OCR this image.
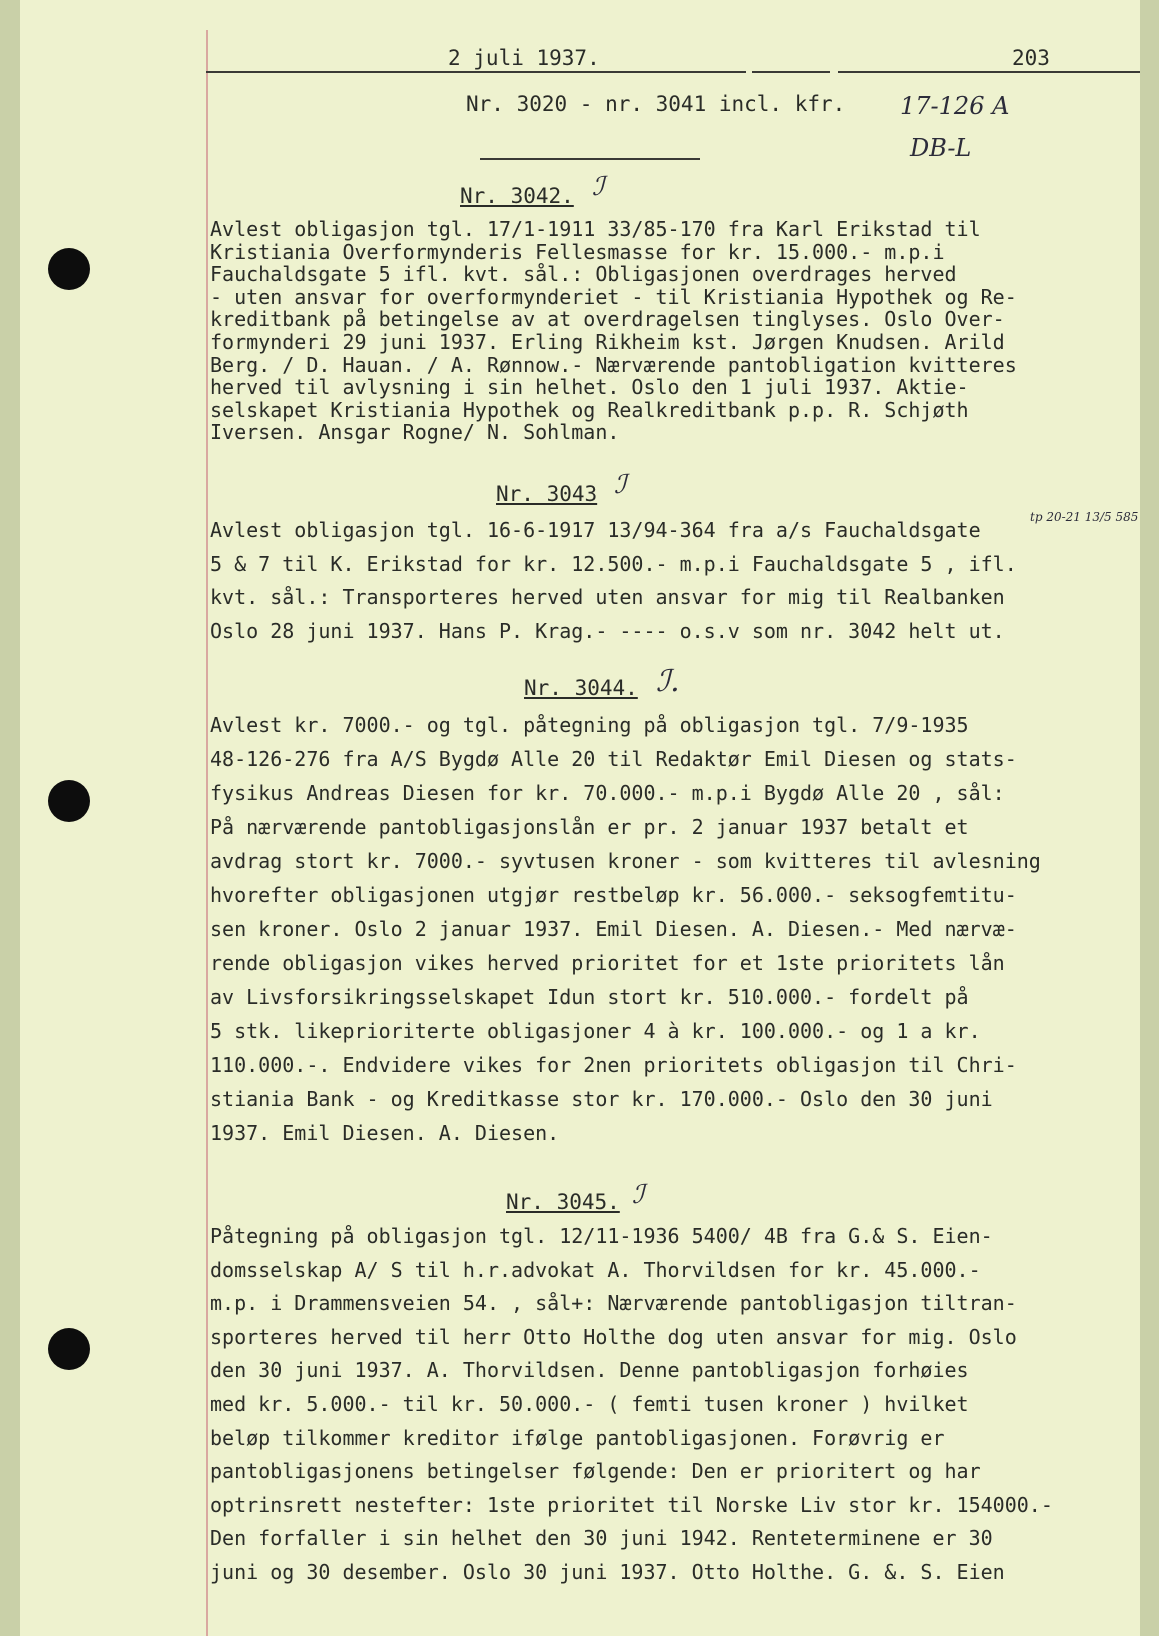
2 juli 1937.	203
Nr. 3020 - nr. 3041 incl. kfr. 17-126 A
DB-L
Nr. 3042. ℐ
Avlest obligasjon tgl. 17/1-1911 33/85-170 fra Karl Erikstad til
Kristiania Overformynderis Fellesmasse for kr. 15.000.- m.p.i
Fauchaldsgate 5 ifl. kvt. sål.: Obligasjonen overdrages herved
- uten ansvar for overformynderiet - til Kristiania Hypothek og Re-
kreditbank på betingelse av at overdragelsen tinglyses. Oslo Over-
formynderi 29 juni 1937. Erling Rikheim kst. Jørgen Knudsen. Arild
Berg. / D. Hauan. / A. Rønnow.- Nærværende pantobligation kvitteres
herved til avlysning i sin helhet. Oslo den 1 juli 1937. Aktie-
selskapet Kristiania Hypothek og Realkreditbank p.p. R. Schjøth
Iversen. Ansgar Rogne/ N. Sohlman.
Nr. 3043 ℐ
tp 20-21 13/5 585
Avlest obligasjon tgl. 16-6-1917 13/94-364 fra a/s Fauchaldsgate
5 & 7 til K. Erikstad for kr. 12.500.- m.p.i Fauchaldsgate 5 , ifl.
kvt. sål.: Transporteres herved uten ansvar for mig til Realbanken
Oslo 28 juni 1937. Hans P. Krag.- ---- o.s.v som nr. 3042 helt ut.
Nr. 3044. ℐ.
Avlest kr. 7000.- og tgl. påtegning på obligasjon tgl. 7/9-1935
48-126-276 fra A/S Bygdø Alle 20 til Redaktør Emil Diesen og stats-
fysikus Andreas Diesen for kr. 70.000.- m.p.i Bygdø Alle 20 , sål:
På nærværende pantobligasjonslån er pr. 2 januar 1937 betalt et
avdrag stort kr. 7000.- syvtusen kroner - som kvitteres til avlesning
hvorefter obligasjonen utgjør restbeløp kr. 56.000.- seksogfemtitu-
sen kroner. Oslo 2 januar 1937. Emil Diesen. A. Diesen.- Med nærvæ-
rende obligasjon vikes herved prioritet for et 1ste prioritets lån
av Livsforsikringsselskapet Idun stort kr. 510.000.- fordelt på
5 stk. likeprioriterte obligasjoner 4 à kr. 100.000.- og 1 a kr.
110.000.-. Endvidere vikes for 2nen prioritets obligasjon til Chri-
stiania Bank - og Kreditkasse stor kr. 170.000.- Oslo den 30 juni
1937. Emil Diesen. A. Diesen.
Nr. 3045. ℐ
Påtegning på obligasjon tgl. 12/11-1936 5400/ 4B fra G.& S. Eien-
domsselskap A/ S til h.r.advokat A. Thorvildsen for kr. 45.000.-
m.p. i Drammensveien 54. , sål+: Nærværende pantobligasjon tiltran-
sporteres herved til herr Otto Holthe dog uten ansvar for mig. Oslo
den 30 juni 1937. A. Thorvildsen. Denne pantobligasjon forhøies
med kr. 5.000.- til kr. 50.000.- ( femti tusen kroner ) hvilket
beløp tilkommer kreditor ifølge pantobligasjonen. Forøvrig er
pantobligasjonens betingelser følgende: Den er prioritert og har
optrinsrett nestefter: 1ste prioritet til Norske Liv stor kr. 154000.-
Den forfaller i sin helhet den 30 juni 1942. Renteterminene er 30
juni og 30 desember. Oslo 30 juni 1937. Otto Holthe. G. &. S. Eien
